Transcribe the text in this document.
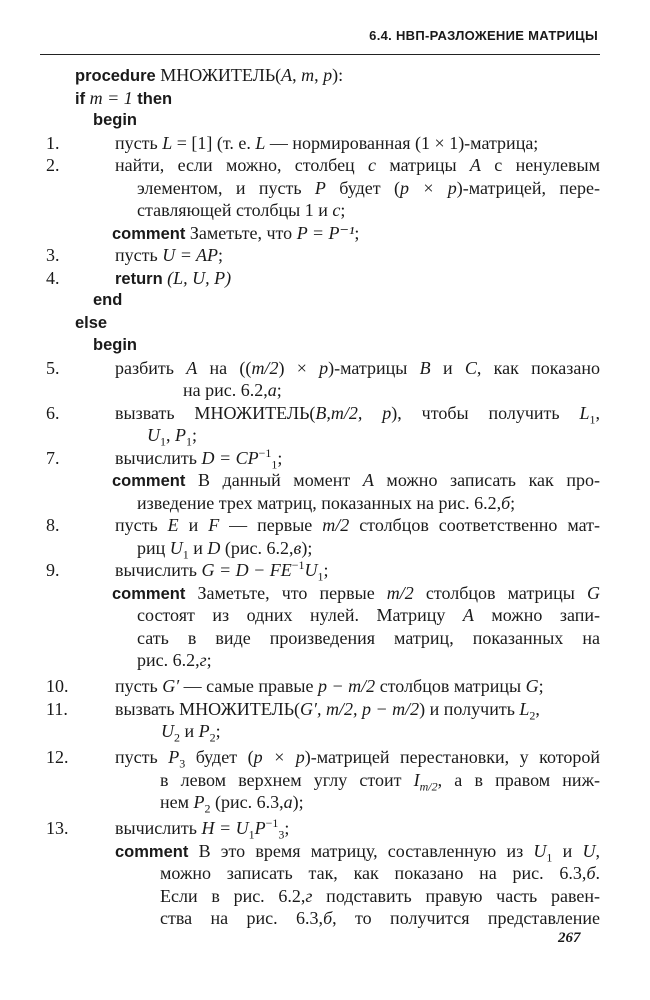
6.4. НВП-РАЗЛОЖЕНИЕ МАТРИЦЫ
procedure МНОЖИТЕЛЬ(A, m, p):
if m = 1 then
begin
1.	пусть L = [1] (т. е. L — нормированная (1 × 1)-матрица;
2.	найти, если можно, столбец c матрицы A с ненулевым
элементом, и пусть P будет (p × p)-матрицей, пере-
ставляющей столбцы 1 и c;
comment Заметьте, что P = P⁻¹;
3.	пусть U = AP;
4.	return (L, U, P)
end
else
begin
5.	разбить A на ((m/2) × p)-матрицы B и C, как показано
на рис. 6.2,а;
6.	вызвать МНОЖИТЕЛЬ(B,m/2, p), чтобы получить $L_1$,
$U_1$, $P_1$;
7.	вычислить $D = CP^{-1}_1$;
comment В данный момент A можно записать как про-
изведение трех матриц, показанных на рис. 6.2,б;
8.	пусть E и F — первые m/2 столбцов соответственно мат-
риц $U_1$ и D (рис. 6.2,в);
9.	вычислить $G = D - FE^{-1}U_1$;
comment Заметьте, что первые m/2 столбцов матрицы G
состоят из одних нулей. Матрицу A можно запи-
сать в виде произведения матриц, показанных на
рис. 6.2,г;
10.	пусть G′ — самые правые p − m/2 столбцов матрицы G;
11.	вызвать МНОЖИТЕЛЬ(G′, m/2, p − m/2) и получить $L_2$,
$U_2$ и $P_2$;
12.	пусть $P_3$ будет (p × p)-матрицей перестановки, у которой
в левом верхнем углу стоит $I_{m/2}$, а в правом ниж-
нем $P_2$ (рис. 6.3,а);
13.	вычислить $H = U_1P^{-1}_3$;
comment В это время матрицу, составленную из $U_1$ и U,
можно записать так, как показано на рис. 6.3,б.
Если в рис. 6.2,г подставить правую часть равен-
ства на рис. 6.3,б, то получится представление
267
